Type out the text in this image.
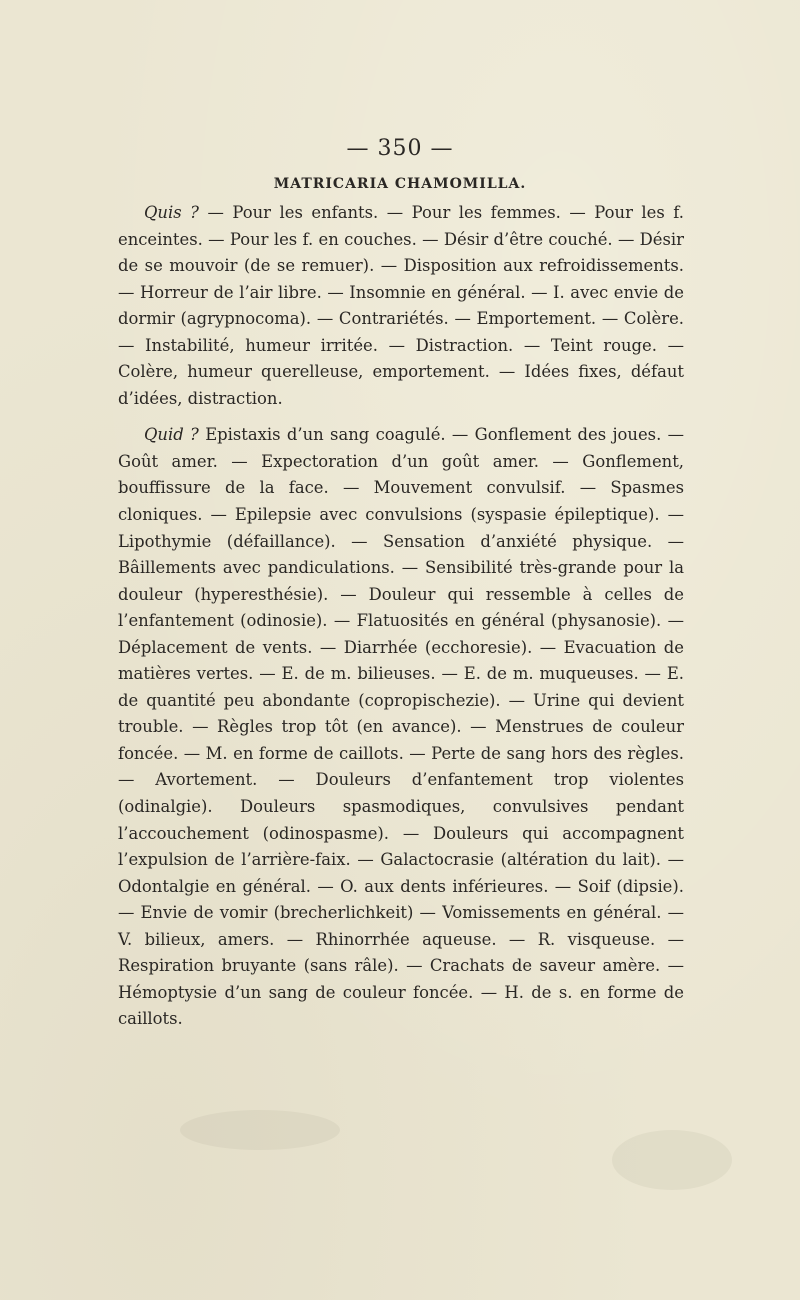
— 350 —
MATRICARIA CHAMOMILLA.

Quis ? — Pour les enfants. — Pour les femmes. — Pour les f. enceintes. — Pour les f. en couches. — Désir d’être couché. — Désir de se mouvoir (de se remuer). — Disposition aux refroidissements. — Horreur de l’air libre. — Insomnie en général. — I. avec envie de dormir (agrypnocoma). — Contrariétés. — Emportement. — Colère. — Instabilité, humeur irritée. — Distraction. — Teint rouge. — Colère, humeur querelleuse, emportement. — Idées fixes, défaut d’idées, distraction.

Quid ? Epistaxis d’un sang coagulé. — Gonflement des joues. — Goût amer. — Expectoration d’un goût amer. — Gonflement, bouffissure de la face. — Mouvement convulsif. — Spasmes cloniques. — Epilepsie avec convulsions (syspasie épileptique). — Lipothymie (défaillance). — Sensation d’anxiété physique. — Bâillements avec pandiculations. — Sensibilité très-grande pour la douleur (hyperesthésie). — Douleur qui ressemble à celles de l’enfantement (odinosie). — Flatuosités en général (physanosie). — Déplacement de vents. — Diarrhée (ecchoresie). — Evacuation de matières vertes. — E. de m. bilieuses. — E. de m. muqueuses. — E. de quantité peu abondante (copropischezie). — Urine qui devient trouble. — Règles trop tôt (en avance). — Menstrues de couleur foncée. — M. en forme de caillots. — Perte de sang hors des règles. — Avortement. — Douleurs d’enfantement trop violentes (odinalgie). Douleurs spasmodiques, convulsives pendant l’accouchement (odinospasme). — Douleurs qui accompagnent l’expulsion de l’arrière-faix. — Galactocrasie (altération du lait). — Odontalgie en général. — O. aux dents inférieures. — Soif (dipsie). — Envie de vomir (brecherlichkeit) — Vomissements en général. — V. bilieux, amers. — Rhinorrhée aqueuse. — R. visqueuse. — Respiration bruyante (sans râle). — Crachats de saveur amère. — Hémoptysie d’un sang de couleur foncée. — H. de s. en forme de caillots.
